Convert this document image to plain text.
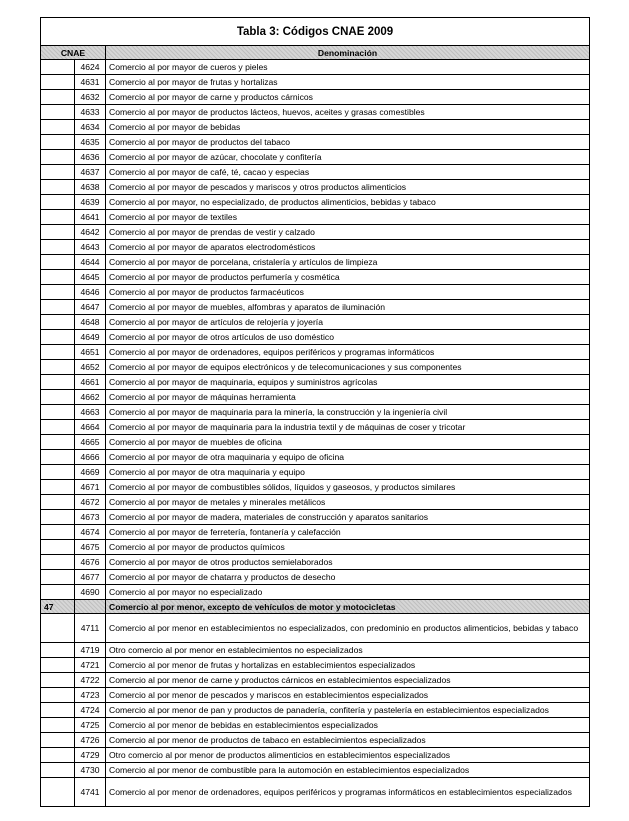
Tabla 3: Códigos CNAE 2009		
CNAE		Denominación
	4624	Comercio al por mayor de cueros y pieles
	4631	Comercio al por mayor de frutas y hortalizas
	4632	Comercio al por mayor de carne y productos cárnicos
	4633	Comercio al por mayor de productos lácteos, huevos, aceites y grasas comestibles
	4634	Comercio al por mayor de bebidas
	4635	Comercio al por mayor de productos del tabaco
	4636	Comercio al por mayor de azúcar, chocolate y confitería
	4637	Comercio al por mayor de café, té, cacao y especias
	4638	Comercio al por mayor de pescados y mariscos y otros productos alimenticios
	4639	Comercio al por mayor, no especializado, de productos alimenticios, bebidas y tabaco
	4641	Comercio al por mayor de textiles
	4642	Comercio al por mayor de prendas de vestir y calzado
	4643	Comercio al por mayor de aparatos electrodomésticos
	4644	Comercio al por mayor de porcelana, cristalería y artículos de limpieza
	4645	Comercio al por mayor de productos perfumería y cosmética
	4646	Comercio al por mayor de productos farmacéuticos
	4647	Comercio al por mayor de muebles, alfombras y aparatos de iluminación
	4648	Comercio al por mayor de artículos de relojería y joyería
	4649	Comercio al por mayor de otros artículos de uso doméstico
	4651	Comercio al por mayor de ordenadores, equipos periféricos y programas informáticos
	4652	Comercio al por mayor de equipos electrónicos y de telecomunicaciones y sus componentes
	4661	Comercio al por mayor de maquinaria, equipos y suministros agrícolas
	4662	Comercio al por mayor de máquinas herramienta
	4663	Comercio al por mayor de maquinaria para la minería, la construcción y la ingeniería civil
	4664	Comercio al por mayor de maquinaria para la industria textil y de máquinas de coser y tricotar
	4665	Comercio al por mayor de muebles de oficina
	4666	Comercio al por mayor de otra maquinaria y equipo de oficina
	4669	Comercio al por mayor de otra maquinaria y equipo
	4671	Comercio al por mayor de combustibles sólidos, líquidos y gaseosos, y productos similares
	4672	Comercio al por mayor de metales y minerales metálicos
	4673	Comercio al por mayor de madera, materiales de construcción y aparatos sanitarios
	4674	Comercio al por mayor de ferretería, fontanería y calefacción
	4675	Comercio al por mayor de productos químicos
	4676	Comercio al por mayor de otros productos semielaborados
	4677	Comercio al por mayor de chatarra y productos de desecho
	4690	Comercio al por mayor no especializado
47		Comercio al por menor, excepto de vehículos de motor y motocicletas
	4711	Comercio al por menor en establecimientos no especializados, con predominio en productos alimenticios, bebidas y tabaco
	4719	Otro comercio al por menor en establecimientos no especializados
	4721	Comercio al por menor de frutas y hortalizas en establecimientos especializados
	4722	Comercio al por menor de carne y productos cárnicos en establecimientos especializados
	4723	Comercio al por menor de pescados y mariscos en establecimientos especializados
	4724	Comercio al por menor de pan y productos de panadería, confitería y pastelería en establecimientos especializados
	4725	Comercio al por menor de bebidas en establecimientos especializados
	4726	Comercio al por menor de productos de tabaco en establecimientos especializados
	4729	Otro comercio al por menor de productos alimenticios en establecimientos especializados
	4730	Comercio al por menor de combustible para la automoción en establecimientos especializados
	4741	Comercio al por menor de ordenadores, equipos periféricos y programas informáticos en establecimientos especializados
